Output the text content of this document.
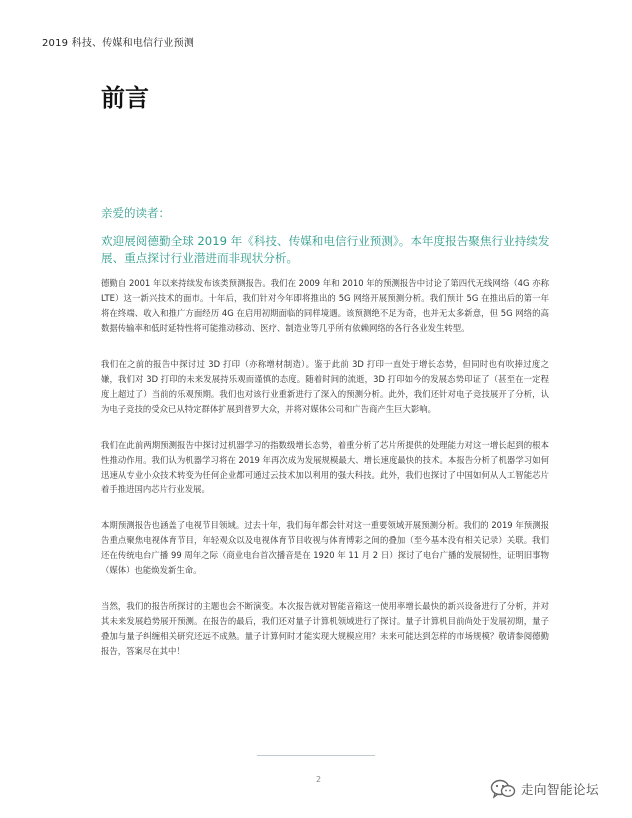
2019 科技、传媒和电信行业预测
前言
亲爱的读者：

欢迎展阅德勤全球 2019 年《科技、传媒和电信行业预测》。本年度报告聚焦行业持续发展、重点探讨行业潜进而非现状分析。

德勤自 2001 年以来持续发布该类预测报告。我们在 2009 年和 2010 年的预测报告中讨论了第四代无线网络（4G 亦称 LTE）这一新兴技术的面市。十年后，我们针对今年即将推出的 5G 网络开展预测分析。我们预计 5G 在推出后的第一年将在终端、收入和推广方面经历 4G 在启用初期面临的同样境遇。该预测绝不足为奇，也并无太多新意，但 5G 网络的高数据传输率和低时延特性将可能推动移动、医疗、制造业等几乎所有依赖网络的各行各业发生转型。

我们在之前的报告中探讨过 3D 打印（亦称增材制造）。鉴于此前 3D 打印一直处于增长态势，但同时也有吹捧过度之嫌，我们对 3D 打印的未来发展持乐观而谨慎的态度。随着时间的流逝，3D 打印如今的发展态势印证了（甚至在一定程度上超过了）当前的乐观预期。我们也对该行业重新进行了深入的预测分析。此外，我们还针对电子竞技展开了分析，认为电子竞技的受众已从特定群体扩展到普罗大众，并将对媒体公司和广告商产生巨大影响。

我们在此前两期预测报告中探讨过机器学习的指数级增长态势，着重分析了芯片所提供的处理能力对这一增长起到的根本性推动作用。我们认为机器学习将在 2019 年再次成为发展规模最大、增长速度最快的技术。本报告分析了机器学习如何迅速从专业小众技术转变为任何企业都可通过云技术加以利用的强大科技。此外，我们也探讨了中国如何从人工智能芯片着手推进国内芯片行业发展。

本期预测报告也涵盖了电视节目领域。过去十年，我们每年都会针对这一重要领域开展预测分析。我们的 2019 年预测报告重点聚焦电视体育节目，年轻观众以及电视体育节目收视与体育博彩之间的叠加（至今基本没有相关记录）关联。我们还在传统电台广播 99 周年之际（商业电台首次播音是在 1920 年 11 月 2 日）探讨了电台广播的发展韧性，证明旧事物（媒体）也能焕发新生命。

当然，我们的报告所探讨的主题也会不断演变。本次报告就对智能音箱这一使用率增长最快的新兴设备进行了分析，并对其未来发展趋势展开预测。在报告的最后，我们还对量子计算机领域进行了探讨。量子计算机目前尚处于发展初期，量子叠加与量子纠缠相关研究还远不成熟。量子计算何时才能实现大规模应用？未来可能达到怎样的市场规模？敬请参阅德勤报告，答案尽在其中！

2
走向智能论坛
